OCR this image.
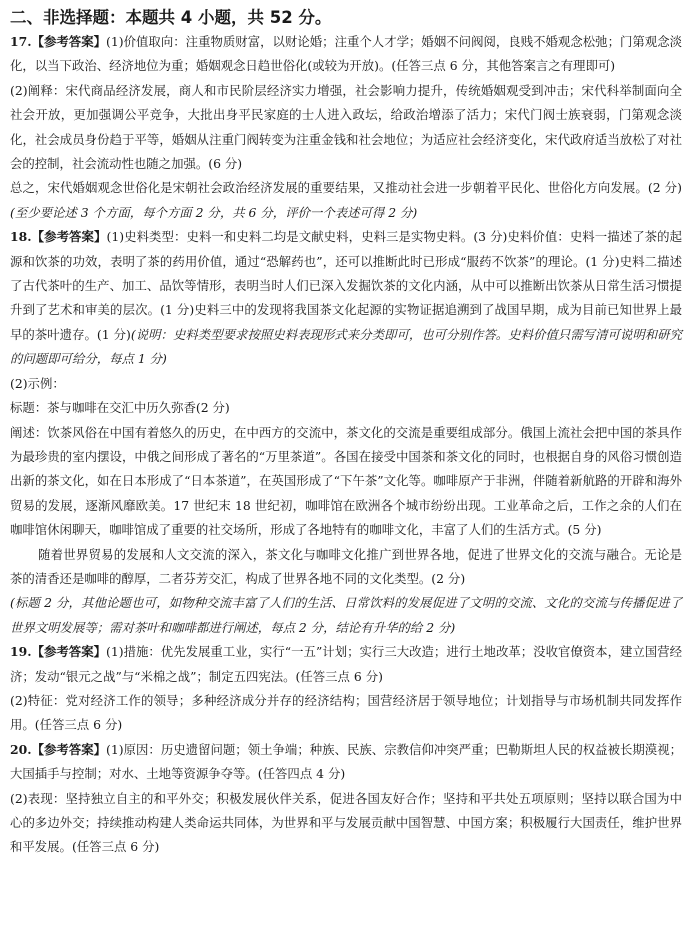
二、非选择题：本题共 4 小题，共 52 分。

17.【参考答案】(1)价值取向：注重物质财富，以财论婚；注重个人才学；婚姻不问阀阅，良贱不婚观念松弛；门第观念淡化，以当下政治、经济地位为重；婚姻观念日趋世俗化(或较为开放)。(任答三点 6 分，其他答案言之有理即可)

(2)阐释：宋代商品经济发展，商人和市民阶层经济实力增强，社会影响力提升，传统婚姻观受到冲击；宋代科举制面向全社会开放，更加强调公平竞争，大批出身平民家庭的士人进入政坛，给政治增添了活力；宋代门阀士族衰弱，门第观念淡化，社会成员身份趋于平等，婚姻从注重门阀转变为注重金钱和社会地位；为适应社会经济变化，宋代政府适当放松了对社会的控制，社会流动性也随之加强。(6 分)

总之，宋代婚姻观念世俗化是宋朝社会政治经济发展的重要结果，又推动社会进一步朝着平民化、世俗化方向发展。(2 分)(至少要论述 3 个方面，每个方面 2 分，共 6 分，评价一个表述可得 2 分)

18.【参考答案】(1)史料类型：史料一和史料二均是文献史料，史料三是实物史料。(3 分)史料价值：史料一描述了茶的起源和饮茶的功效，表明了茶的药用价值，通过“恐解药也”，还可以推断此时已形成“服药不饮茶”的理论。(1 分)史料二描述了古代茶叶的生产、加工、品饮等情形，表明当时人们已深入发掘饮茶的文化内涵，从中可以推断出饮茶从日常生活习惯提升到了艺术和审美的层次。(1 分)史料三中的发现将我国茶文化起源的实物证据追溯到了战国早期，成为目前已知世界上最早的茶叶遗存。(1 分)(说明：史料类型要求按照史料表现形式来分类即可，也可分别作答。史料价值只需写清可说明和研究的问题即可给分，每点 1 分)

(2)示例：

标题：茶与咖啡在交汇中历久弥香(2 分)

阐述：饮茶风俗在中国有着悠久的历史，在中西方的交流中，茶文化的交流是重要组成部分。俄国上流社会把中国的茶具作为最珍贵的室内摆设，中俄之间形成了著名的“万里茶道”。各国在接受中国茶和茶文化的同时，也根据自身的风俗习惯创造出新的茶文化，如在日本形成了“日本茶道”，在英国形成了“下午茶”文化等。咖啡原产于非洲，伴随着新航路的开辟和海外贸易的发展，逐渐风靡欧美。17 世纪末 18 世纪初，咖啡馆在欧洲各个城市纷纷出现。工业革命之后，工作之余的人们在咖啡馆休闲聊天，咖啡馆成了重要的社交场所，形成了各地特有的咖啡文化，丰富了人们的生活方式。(5 分)

随着世界贸易的发展和人文交流的深入，茶文化与咖啡文化推广到世界各地，促进了世界文化的交流与融合。无论是茶的清香还是咖啡的醇厚，二者芬芳交汇，构成了世界各地不同的文化类型。(2 分)

(标题 2 分，其他论题也可，如物种交流丰富了人们的生活、日常饮料的发展促进了文明的交流、文化的交流与传播促进了世界文明发展等；需对茶叶和咖啡都进行阐述，每点 2 分，结论有升华的给 2 分)

19.【参考答案】(1)措施：优先发展重工业，实行“一五”计划；实行三大改造；进行土地改革；没收官僚资本，建立国营经济；发动“银元之战”与“米棉之战”；制定五四宪法。(任答三点 6 分)

(2)特征：党对经济工作的领导；多种经济成分并存的经济结构；国营经济居于领导地位；计划指导与市场机制共同发挥作用。(任答三点 6 分)

20.【参考答案】(1)原因：历史遗留问题；领土争端；种族、民族、宗教信仰冲突严重；巴勒斯坦人民的权益被长期漠视；大国插手与控制；对水、土地等资源争夺等。(任答四点 4 分)

(2)表现：坚持独立自主的和平外交；积极发展伙伴关系，促进各国友好合作；坚持和平共处五项原则；坚持以联合国为中心的多边外交；持续推动构建人类命运共同体，为世界和平与发展贡献中国智慧、中国方案；积极履行大国责任，维护世界和平发展。(任答三点 6 分)
